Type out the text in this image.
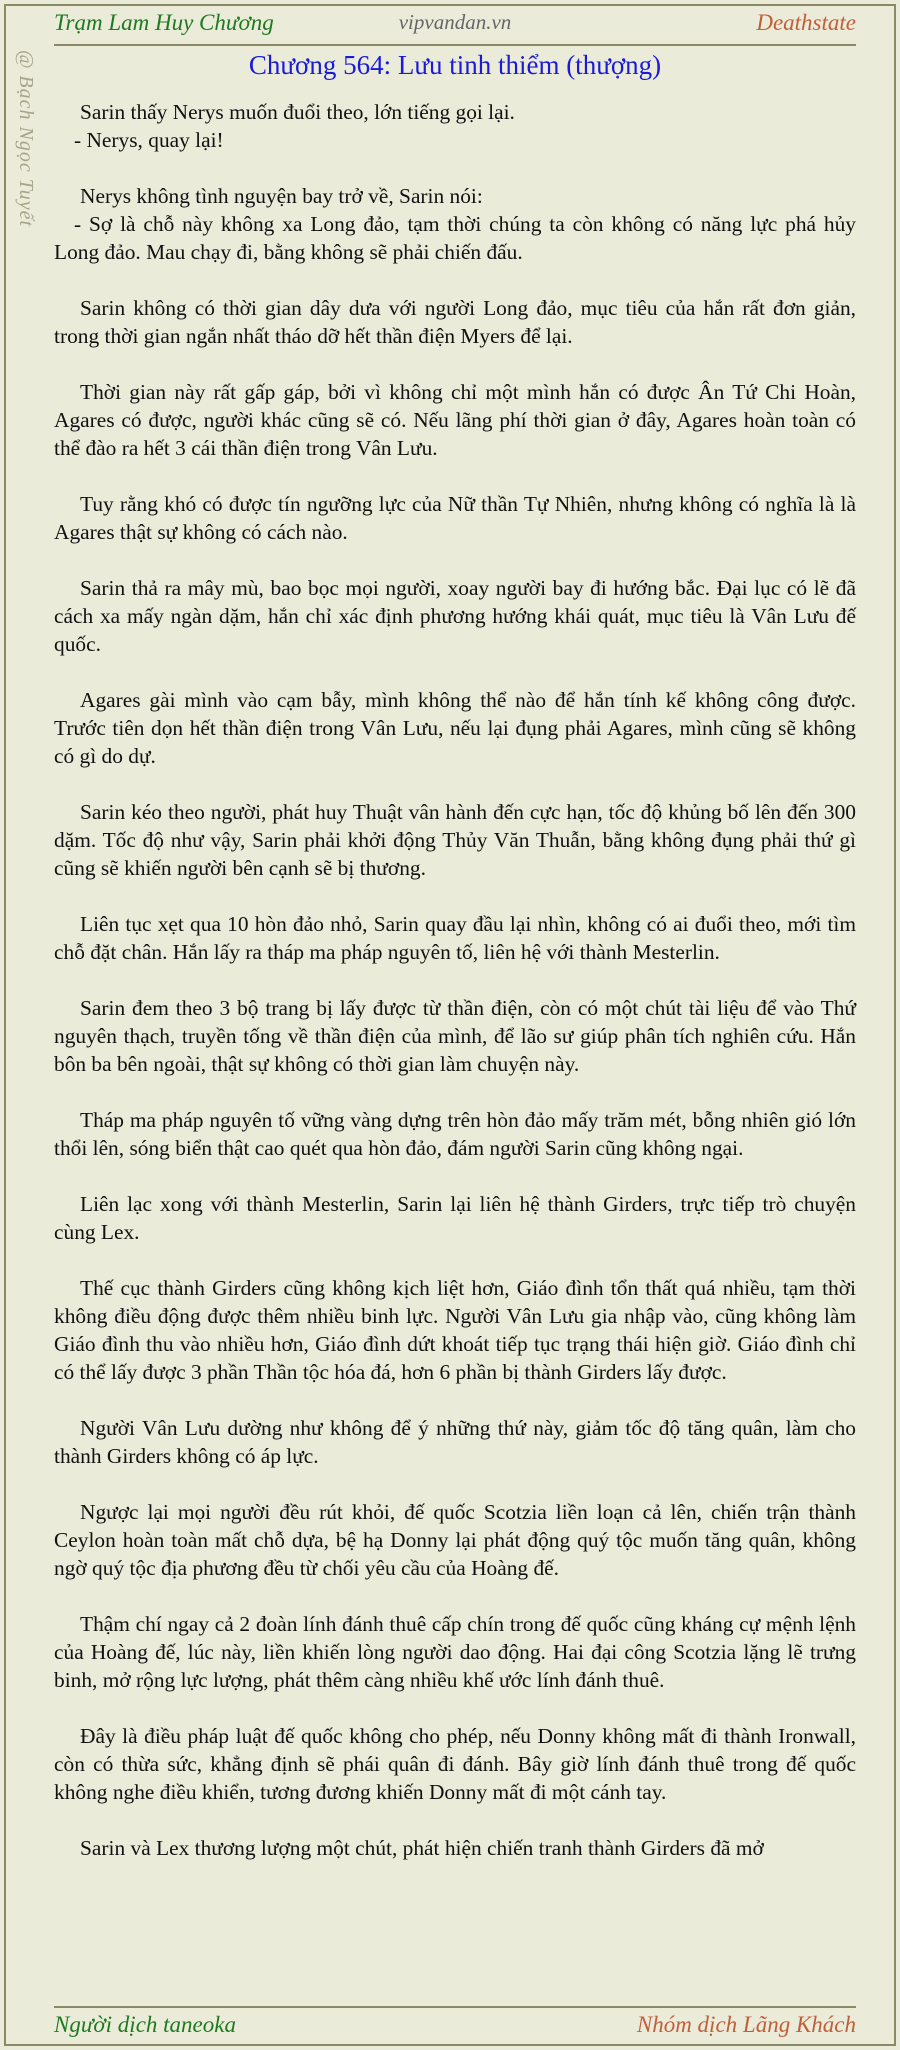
Trạm Lam Huy Chương	vipvandan.vn	Deathstate
@ Bạch Ngọc Tuyết	Chương 564: Lưu tinh thiểm (thượng)

Sarin thấy Nerys muốn đuổi theo, lớn tiếng gọi lại.

- Nerys, quay lại!

Nerys không tình nguyện bay trở về, Sarin nói:

- Sợ là chỗ này không xa Long đảo, tạm thời chúng ta còn không có năng lực phá hủy Long đảo. Mau chạy đi, bằng không sẽ phải chiến đấu.

Sarin không có thời gian dây dưa với người Long đảo, mục tiêu của hắn rất đơn giản, trong thời gian ngắn nhất tháo dỡ hết thần điện Myers để lại.

Thời gian này rất gấp gáp, bởi vì không chỉ một mình hắn có được Ân Tứ Chi Hoàn, Agares có được, người khác cũng sẽ có. Nếu lãng phí thời gian ở đây, Agares hoàn toàn có thể đào ra hết 3 cái thần điện trong Vân Lưu.

Tuy rằng khó có được tín ngưỡng lực của Nữ thần Tự Nhiên, nhưng không có nghĩa là là Agares thật sự không có cách nào.

Sarin thả ra mây mù, bao bọc mọi người, xoay người bay đi hướng bắc. Đại lục có lẽ đã cách xa mấy ngàn dặm, hắn chỉ xác định phương hướng khái quát, mục tiêu là Vân Lưu đế quốc.

Agares gài mình vào cạm bẫy, mình không thể nào để hắn tính kế không công được. Trước tiên dọn hết thần điện trong Vân Lưu, nếu lại đụng phải Agares, mình cũng sẽ không có gì do dự.

Sarin kéo theo người, phát huy Thuật vân hành đến cực hạn, tốc độ khủng bố lên đến 300 dặm. Tốc độ như vậy, Sarin phải khởi động Thủy Văn Thuẫn, bằng không đụng phải thứ gì cũng sẽ khiến người bên cạnh sẽ bị thương.

Liên tục xẹt qua 10 hòn đảo nhỏ, Sarin quay đầu lại nhìn, không có ai đuổi theo, mới tìm chỗ đặt chân. Hắn lấy ra tháp ma pháp nguyên tố, liên hệ với thành Mesterlin.

Sarin đem theo 3 bộ trang bị lấy được từ thần điện, còn có một chút tài liệu để vào Thứ nguyên thạch, truyền tống về thần điện của mình, để lão sư giúp phân tích nghiên cứu. Hắn bôn ba bên ngoài, thật sự không có thời gian làm chuyện này.

Tháp ma pháp nguyên tố vững vàng dựng trên hòn đảo mấy trăm mét, bỗng nhiên gió lớn thổi lên, sóng biển thật cao quét qua hòn đảo, đám người Sarin cũng không ngại.

Liên lạc xong với thành Mesterlin, Sarin lại liên hệ thành Girders, trực tiếp trò chuyện cùng Lex.

Thế cục thành Girders cũng không kịch liệt hơn, Giáo đình tổn thất quá nhiều, tạm thời không điều động được thêm nhiều binh lực. Người Vân Lưu gia nhập vào, cũng không làm Giáo đình thu vào nhiều hơn, Giáo đình dứt khoát tiếp tục trạng thái hiện giờ. Giáo đình chỉ có thể lấy được 3 phần Thần tộc hóa đá, hơn 6 phần bị thành Girders lấy được.

Người Vân Lưu dường như không để ý những thứ này, giảm tốc độ tăng quân, làm cho thành Girders không có áp lực.

Ngược lại mọi người đều rút khỏi, đế quốc Scotzia liền loạn cả lên, chiến trận thành Ceylon hoàn toàn mất chỗ dựa, bệ hạ Donny lại phát động quý tộc muốn tăng quân, không ngờ quý tộc địa phương đều từ chối yêu cầu của Hoàng đế.

Thậm chí ngay cả 2 đoàn lính đánh thuê cấp chín trong đế quốc cũng kháng cự mệnh lệnh của Hoàng đế, lúc này, liền khiến lòng người dao động. Hai đại công Scotzia lặng lẽ trưng binh, mở rộng lực lượng, phát thêm càng nhiều khế ước lính đánh thuê.

Đây là điều pháp luật đế quốc không cho phép, nếu Donny không mất đi thành Ironwall, còn có thừa sức, khẳng định sẽ phái quân đi đánh. Bây giờ lính đánh thuê trong đế quốc không nghe điều khiển, tương đương khiến Donny mất đi một cánh tay.

Sarin và Lex thương lượng một chút, phát hiện chiến tranh thành Girders đã mở

Người dịch taneoka	Nhóm dịch Lãng Khách
